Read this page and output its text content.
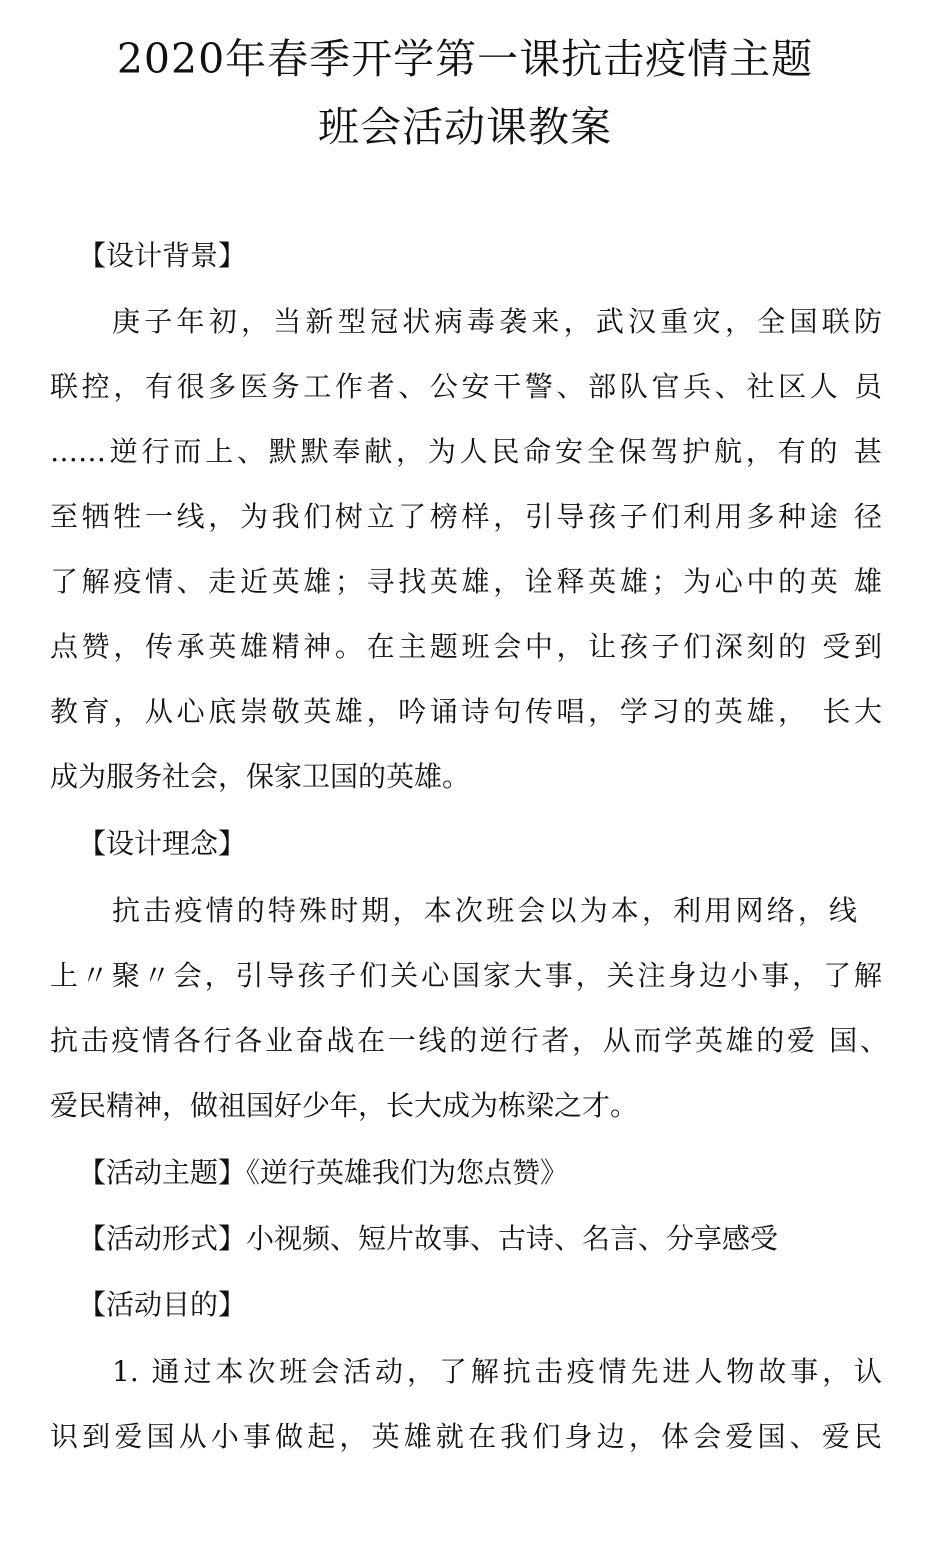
2020年春季开学第一课抗击疫情主题
班会活动课教案
【设计背景】
庚子年初，当新型冠状病毒袭来，武汉重灾，全国联防
联控，有很多医务工作者、公安干警、部队官兵、社区人 员
……逆行而上、默默奉献，为人民命安全保驾护航，有的 甚
至牺牲一线，为我们树立了榜样，引导孩子们利用多种途 径
了解疫情、走近英雄；寻找英雄，诠释英雄；为心中的英 雄
点赞，传承英雄精神。在主题班会中，让孩子们深刻的 受到
教育，从心底崇敬英雄，吟诵诗句传唱，学习的英雄， 长大
成为服务社会，保家卫国的英雄。
【设计理念】
抗击疫情的特殊时期，本次班会以为本，利用网络，线
上〃聚〃会，引导孩子们关心国家大事，关注身边小事，了解
抗击疫情各行各业奋战在一线的逆行者，从而学英雄的爱 国、
爱民精神，做祖国好少年，长大成为栋梁之才。
【活动主题】《逆行英雄我们为您点赞》
【活动形式】小视频、短片故事、古诗、名言、分享感受
【活动目的】
1. 通过本次班会活动，了解抗击疫情先进人物故事，认
识到爱国从小事做起，英雄就在我们身边，体会爱国、爱民
